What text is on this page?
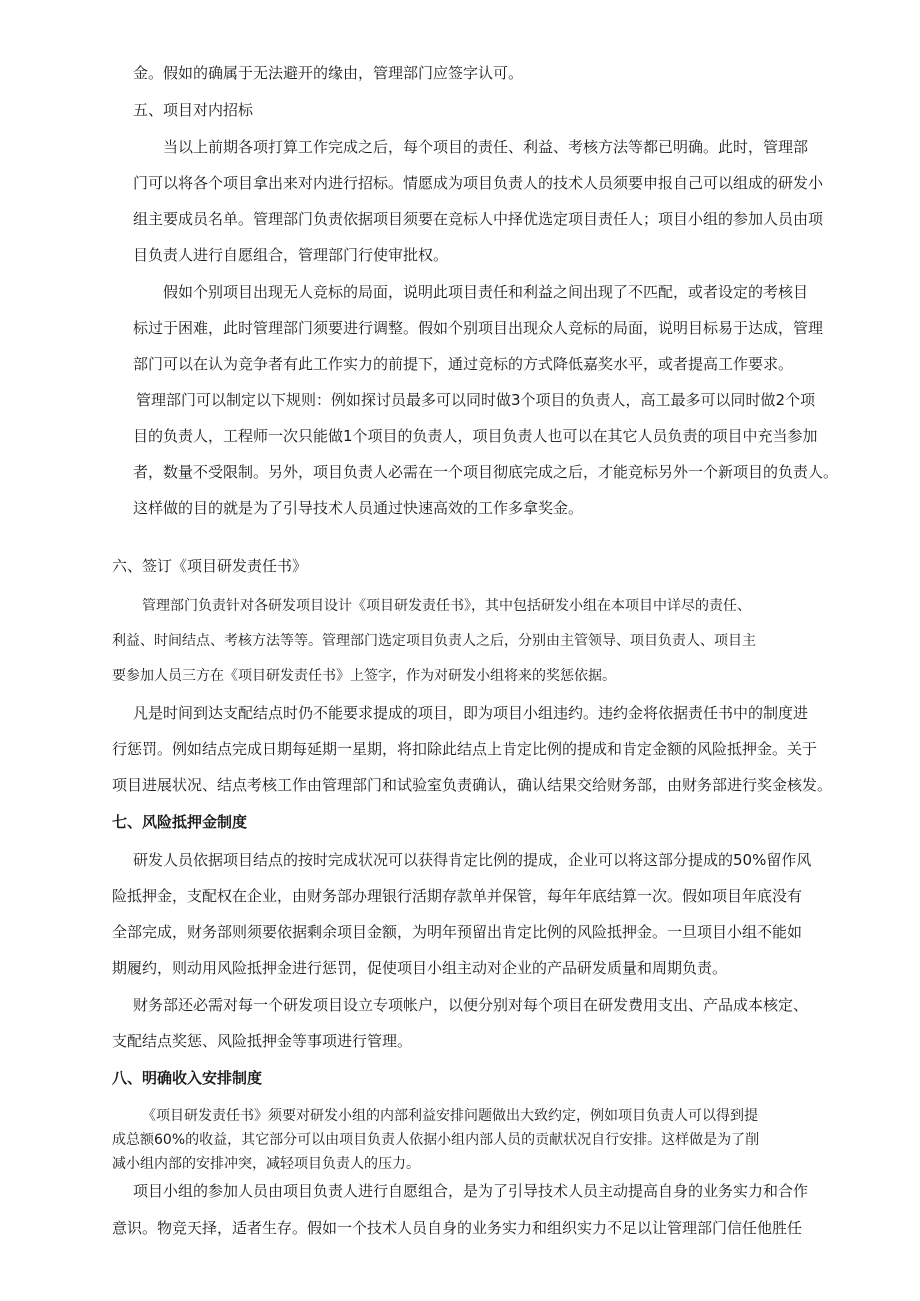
金。假如的确属于无法避开的缘由，管理部门应签字认可。
五、项目对内招标
　　当以上前期各项打算工作完成之后，每个项目的责任、利益、考核方法等都已明确。此时，管理部
门可以将各个项目拿出来对内进行招标。情愿成为项目负责人的技术人员须要申报自己可以组成的研发小
组主要成员名单。管理部门负责依据项目须要在竞标人中择优选定项目责任人；项目小组的参加人员由项
目负责人进行自愿组合，管理部门行使审批权。
　　假如个别项目出现无人竞标的局面，说明此项目责任和利益之间出现了不匹配，或者设定的考核目
标过于困难，此时管理部门须要进行调整。假如个别项目出现众人竞标的局面，说明目标易于达成，管理
部门可以在认为竞争者有此工作实力的前提下，通过竞标的方式降低嘉奖水平，或者提高工作要求。
管理部门可以制定以下规则：例如探讨员最多可以同时做3个项目的负责人，高工最多可以同时做2个项
目的负责人，工程师一次只能做1个项目的负责人，项目负责人也可以在其它人员负责的项目中充当参加
者，数量不受限制。另外，项目负责人必需在一个项目彻底完成之后，才能竞标另外一个新项目的负责人。
这样做的目的就是为了引导技术人员通过快速高效的工作多拿奖金。
六、签订《项目研发责任书》
管理部门负责针对各研发项目设计《项目研发责任书》，其中包括研发小组在本项目中详尽的责任、
利益、时间结点、考核方法等等。管理部门选定项目负责人之后，分别由主管领导、项目负责人、项目主
要参加人员三方在《项目研发责任书》上签字，作为对研发小组将来的奖惩依据。
凡是时间到达支配结点时仍不能要求提成的项目，即为项目小组违约。违约金将依据责任书中的制度进
行惩罚。例如结点完成日期每延期一星期，将扣除此结点上肯定比例的提成和肯定金额的风险抵押金。关于
项目进展状况、结点考核工作由管理部门和试验室负责确认，确认结果交给财务部，由财务部进行奖金核发。
七、风险抵押金制度
研发人员依据项目结点的按时完成状况可以获得肯定比例的提成，企业可以将这部分提成的50%留作风
险抵押金，支配权在企业，由财务部办理银行活期存款单并保管，每年年底结算一次。假如项目年底没有
全部完成，财务部则须要依据剩余项目金额，为明年预留出肯定比例的风险抵押金。一旦项目小组不能如
期履约，则动用风险抵押金进行惩罚，促使项目小组主动对企业的产品研发质量和周期负责。
财务部还必需对每一个研发项目设立专项帐户，以便分别对每个项目在研发费用支出、产品成本核定、
支配结点奖惩、风险抵押金等事项进行管理。
八、明确收入安排制度
《项目研发责任书》须要对研发小组的内部利益安排问题做出大致约定，例如项目负责人可以得到提
成总额60%的收益，其它部分可以由项目负责人依据小组内部人员的贡献状况自行安排。这样做是为了削
减小组内部的安排冲突，减轻项目负责人的压力。
项目小组的参加人员由项目负责人进行自愿组合，是为了引导技术人员主动提高自身的业务实力和合作
意识。物竞天择，适者生存。假如一个技术人员自身的业务实力和组织实力不足以让管理部门信任他胜任
